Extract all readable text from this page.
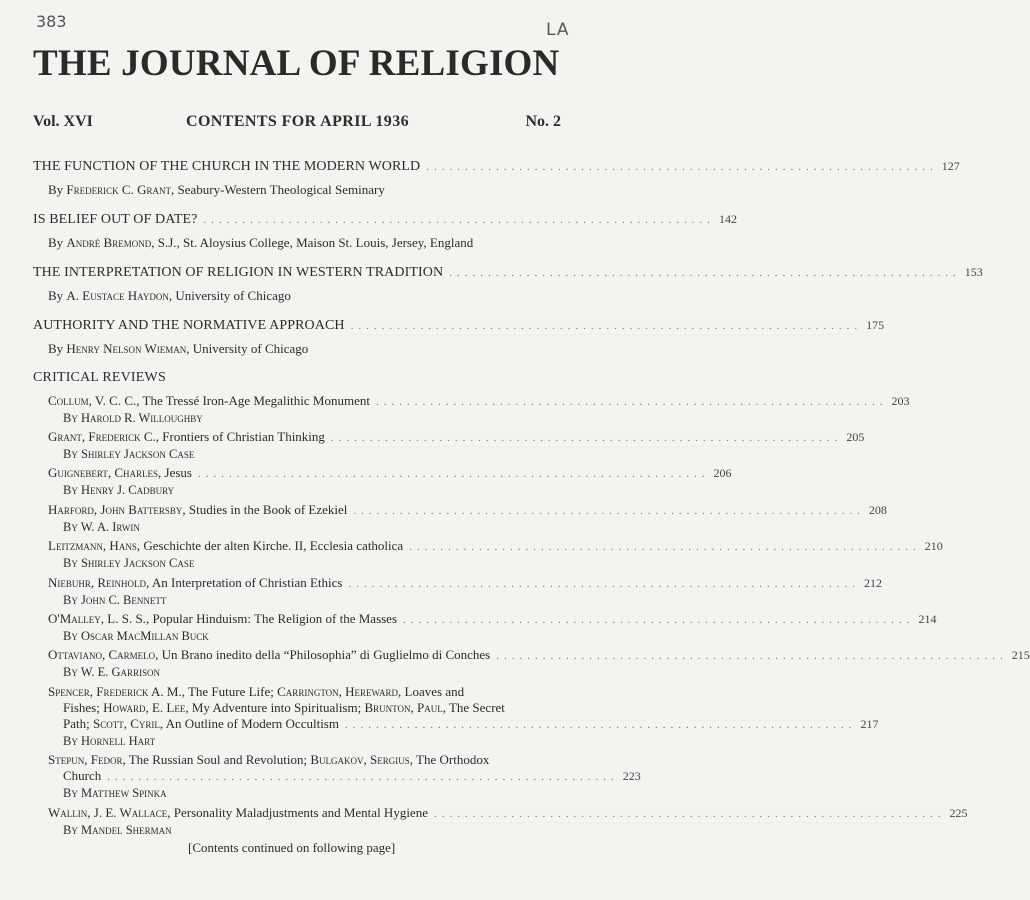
383	LA
THE JOURNAL OF RELIGION
Vol. XVI	CONTENTS FOR APRIL 1936	No. 2
THE FUNCTION OF THE CHURCH IN THE MODERN WORLD .................................................................. 127
By Frederick C. Grant, Seabury-Western Theological Seminary
IS BELIEF OUT OF DATE? .................................................................. 142
By André Bremond, S.J., St. Aloysius College, Maison St. Louis, Jersey, England
THE INTERPRETATION OF RELIGION IN WESTERN TRADITION .................................................................. 153
By A. Eustace Haydon, University of Chicago
AUTHORITY AND THE NORMATIVE APPROACH .................................................................. 175
By Henry Nelson Wieman, University of Chicago
CRITICAL REVIEWS
Collum, V. C. C., The Tressé Iron-Age Megalithic Monument .................................................................. 203
By Harold R. Willoughby
Grant, Frederick C., Frontiers of Christian Thinking .................................................................. 205
By Shirley Jackson Case
Guignebert, Charles, Jesus .................................................................. 206
By Henry J. Cadbury
Harford, John Battersby, Studies in the Book of Ezekiel .................................................................. 208
By W. A. Irwin
Leitzmann, Hans, Geschichte der alten Kirche. II, Ecclesia catholica .................................................................. 210
By Shirley Jackson Case
Niebuhr, Reinhold, An Interpretation of Christian Ethics .................................................................. 212
By John C. Bennett
O'Malley, L. S. S., Popular Hinduism: The Religion of the Masses .................................................................. 214
By Oscar MacMillan Buck
Ottaviano, Carmelo, Un Brano inedito della “Philosophia” di Guglielmo di Conches .................................................................. 215
By W. E. Garrison
Spencer, Frederick A. M., The Future Life; Carrington, Hereward, Loaves and
Fishes; Howard, E. Lee, My Adventure into Spiritualism; Brunton, Paul, The Secret
Path; Scott, Cyril, An Outline of Modern Occultism .................................................................. 217
By Hornell Hart
Stepun, Fedor, The Russian Soul and Revolution; Bulgakov, Sergius, The Orthodox
Church .................................................................. 223
By Matthew Spinka
Wallin, J. E. Wallace, Personality Maladjustments and Mental Hygiene .................................................................. 225
By Mandel Sherman
[Contents continued on following page]
